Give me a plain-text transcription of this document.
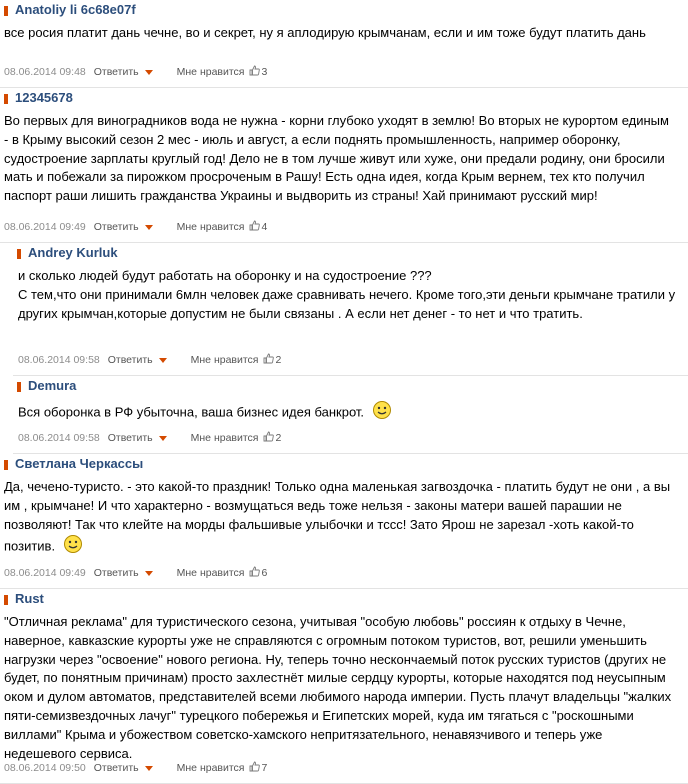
Anatoliy li 6c68e07f
все росия платит дань чечне, во и секрет, ну я аплодирую крымчанам, если и им тоже будут платить дань
08.06.2014 09:48 Ответить	Мне нравится 3
12345678
Во первых для виноградников вода не нужна - корни глубоко уходят в землю! Во вторых не курортом единым - в Крыму высокий сезон 2 мес - июль и август, а если поднять промышленность, например оборонку, судостроение зарплаты круглый год! Дело не в том лучше живут или хуже, они предали родину, они бросили мать и побежали за пирожком просроченым в Рашу! Есть одна идея, когда Крым вернем, тех кто получил паспорт раши лишить гражданства Украины и выдворить из страны! Хай принимают русский мир!
08.06.2014 09:49 Ответить	Мне нравится 4
Andrey Kurluk
и сколько людей будут работать на оборонку и на судостроение ???
С тем,что они принимали 6млн человек даже сравнивать нечего. Кроме того,эти деньги крымчане тратили у других крымчан,которые допустим не были связаны . А если нет денег - то нет и что тратить.
08.06.2014 09:58 Ответить	Мне нравится 2
Demura
Вся оборонка в РФ убыточна, ваша бизнес идея банкрот.
08.06.2014 09:58 Ответить	Мне нравится 2
Светлана Черкассы
Да, чечено-туристо. - это какой-то праздник! Только одна маленькая загвоздочка - платить будут не они , а вы им , крымчане! И что характерно - возмущаться ведь тоже нельзя - законы матери вашей парашии не позволяют! Так что клейте на морды фальшивые улыбочки и тссс! Зато Ярош не зарезал -хоть какой-то позитив.
08.06.2014 09:49 Ответить	Мне нравится 6
Rust
"Отличная реклама" для туристического сезона, учитывая "особую любовь" россиян к отдыху в Чечне, наверное, кавказские курорты уже не справляются с огромным потоком туристов, вот, решили уменьшить нагрузки через "освоение" нового региона. Ну, теперь точно нескончаемый поток русских туристов (других не будет, по понятным причинам) просто захлестнёт милые сердцу курорты, которые находятся под неусыпным оком и дулом автоматов, представителей всеми любимого народа империи. Пусть плачут владельцы "жалких пяти-семизвездочных лачуг" турецкого побережья и Египетских морей, куда им тягаться с "роскошными виллами" Крыма и убожеством советско-хамского непритязательного, ненавязчивого и теперь уже недешевого сервиса.
08.06.2014 09:50 Ответить	Мне нравится 7
